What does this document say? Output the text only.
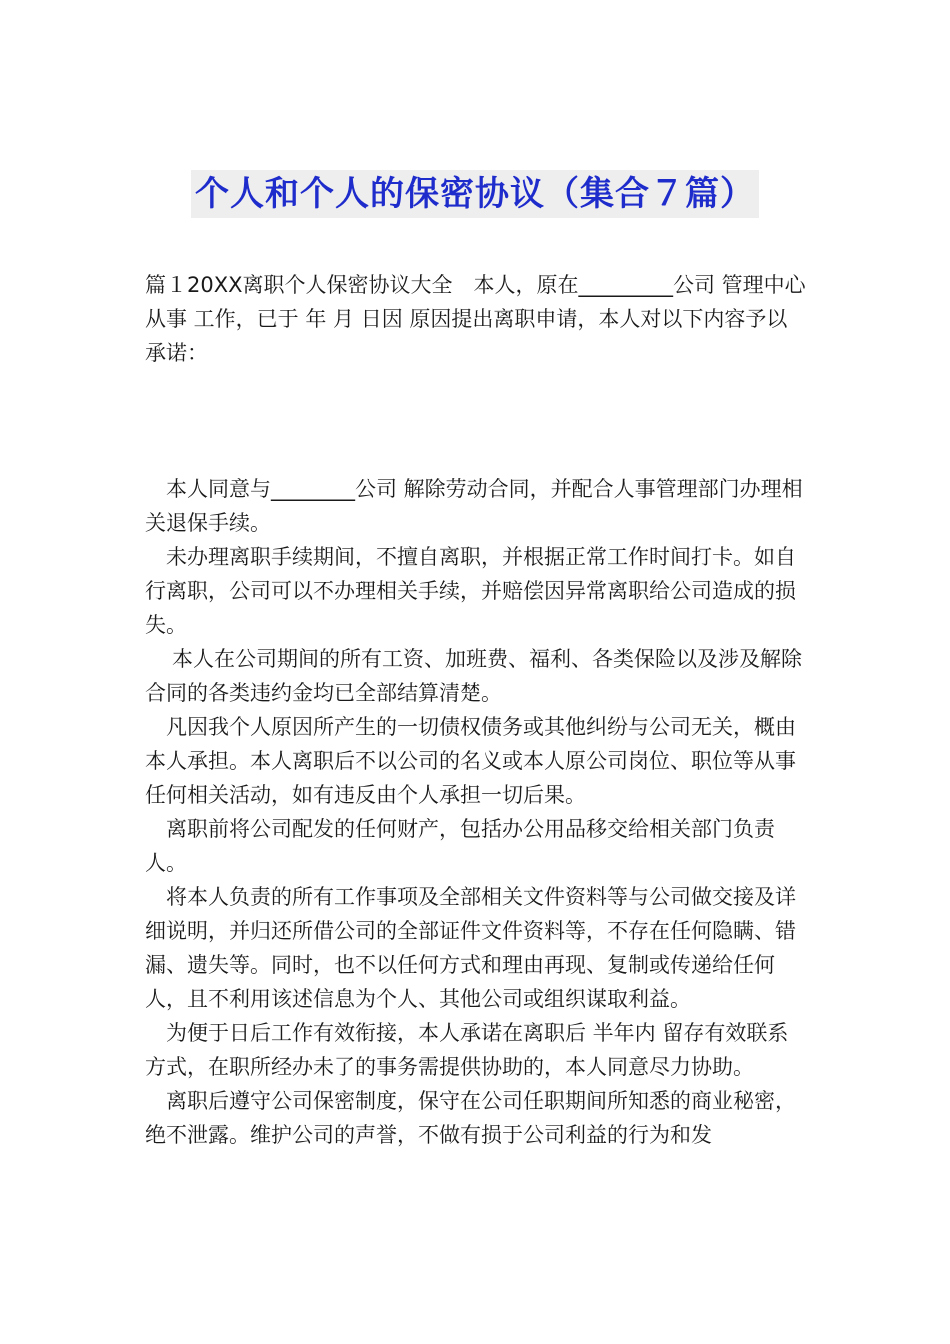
个人和个人的保密协议（集合７篇）

篇１20XX离职个人保密协议大全　本人，原在_________公司 管理中心从事 工作，已于 年 月 日因 原因提出离职申请，本人对以下内容予以承诺：

本人同意与________公司 解除劳动合同，并配合人事管理部门办理相关退保手续。

未办理离职手续期间，不擅自离职，并根据正常工作时间打卡。如自行离职，公司可以不办理相关手续，并赔偿因异常离职给公司造成的损失。

本人在公司期间的所有工资、加班费、福利、各类保险以及涉及解除合同的各类违约金均已全部结算清楚。

凡因我个人原因所产生的一切债权债务或其他纠纷与公司无关，概由本人承担。本人离职后不以公司的名义或本人原公司岗位、职位等从事任何相关活动，如有违反由个人承担一切后果。

离职前将公司配发的任何财产，包括办公用品移交给相关部门负责人。

将本人负责的所有工作事项及全部相关文件资料等与公司做交接及详细说明，并归还所借公司的全部证件文件资料等，不存在任何隐瞒、错漏、遗失等。同时，也不以任何方式和理由再现、复制或传递给任何人，且不利用该述信息为个人、其他公司或组织谋取利益。

为便于日后工作有效衔接，本人承诺在离职后 半年内 留存有效联系方式，在职所经办未了的事务需提供协助的，本人同意尽力协助。

离职后遵守公司保密制度，保守在公司任职期间所知悉的商业秘密，绝不泄露。维护公司的声誉，不做有损于公司利益的行为和发
